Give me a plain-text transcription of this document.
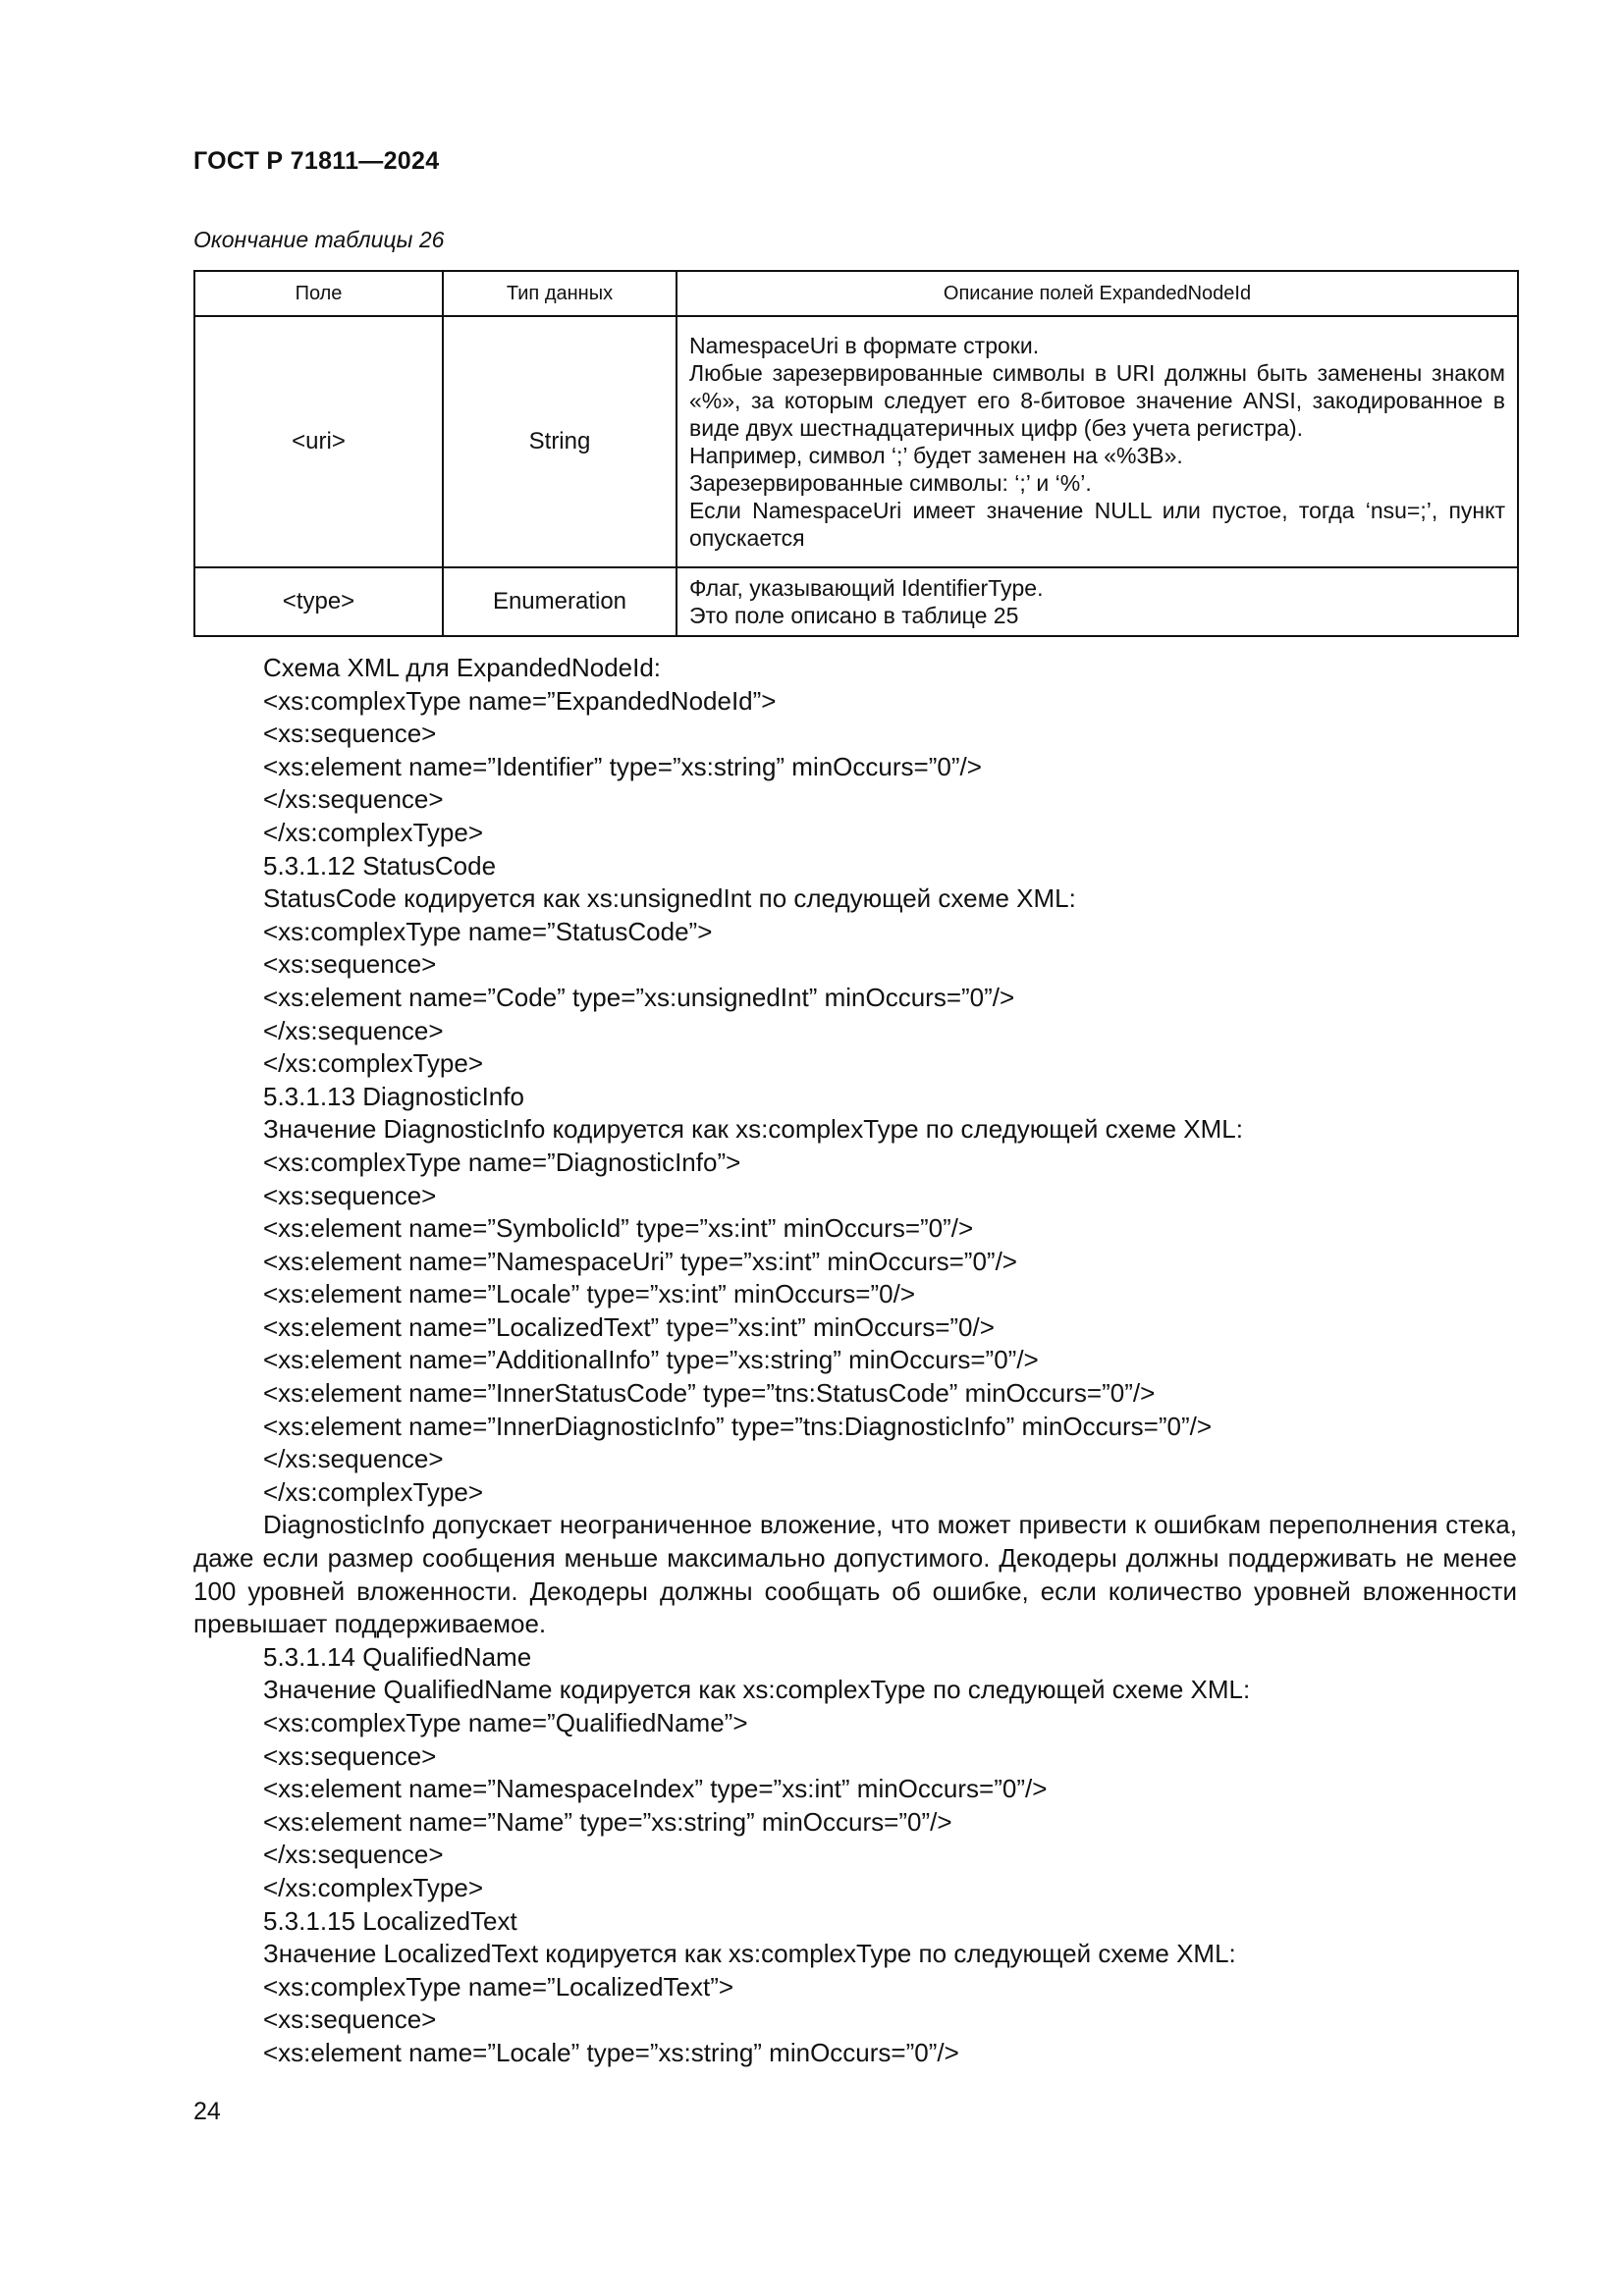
ГОСТ Р 71811—2024
Окончание таблицы 26
Поле	Тип данных	Описание полей ExpandedNodeId
<uri>	String	NamespaceUri в формате строки.
Любые зарезервированные символы в URI должны быть заменены знаком «%», за которым следует его 8-битовое значение ANSI, закодированное в виде двух шестнадцатеричных цифр (без учета регистра).
Например, символ ‘;’ будет заменен на «%3B».
Зарезервированные символы: ‘;’ и ‘%’.
Если NamespaceUri имеет значение NULL или пустое, тогда ‘nsu=;’, пункт опускается

<type>	Enumeration	Флаг, указывающий IdentifierType.
Это поле описано в таблице 25
Схема XML для ExpandedNodeId:
<xs:complexType name=”ExpandedNodeId”>
<xs:sequence>
<xs:element name=”Identifier” type=”xs:string” minOccurs=”0”/>
</xs:sequence>
</xs:complexType>
5.3.1.12 StatusCode
StatusCode кодируется как xs:unsignedInt по следующей схеме XML:
<xs:complexType name=”StatusCode”>
<xs:sequence>
<xs:element name=”Code” type=”xs:unsignedInt” minOccurs=”0”/>
</xs:sequence>
</xs:complexType>
5.3.1.13 DiagnosticInfo
Значение DiagnosticInfo кодируется как xs:complexType по следующей схеме XML:
<xs:complexType name=”DiagnosticInfo”>
<xs:sequence>
<xs:element name=”SymbolicId” type=”xs:int” minOccurs=”0”/>
<xs:element name=”NamespaceUri” type=”xs:int” minOccurs=”0”/>
<xs:element name=”Locale” type=”xs:int” minOccurs=”0/>
<xs:element name=”LocalizedText” type=”xs:int” minOccurs=”0/>
<xs:element name=”AdditionalInfo” type=”xs:string” minOccurs=”0”/>
<xs:element name=”InnerStatusCode” type=”tns:StatusCode” minOccurs=”0”/>
<xs:element name=”InnerDiagnosticInfo” type=”tns:DiagnosticInfo” minOccurs=”0”/>
</xs:sequence>
</xs:complexType>
DiagnosticInfo допускает неограниченное вложение, что может привести к ошибкам переполнения стека, даже если размер сообщения меньше максимально допустимого. Декодеры должны поддерживать не менее 100 уровней вложенности. Декодеры должны сообщать об ошибке, если количество уровней вложенности превышает поддерживаемое.
5.3.1.14 QualifiedName
Значение QualifiedName кодируется как xs:complexType по следующей схеме XML:
<xs:complexType name=”QualifiedName”>
<xs:sequence>
<xs:element name=”NamespaceIndex” type=”xs:int” minOccurs=”0”/>
<xs:element name=”Name” type=”xs:string” minOccurs=”0”/>
</xs:sequence>
</xs:complexType>
5.3.1.15 LocalizedText
Значение LocalizedText кодируется как xs:complexType по следующей схеме XML:
<xs:complexType name=”LocalizedText”>
<xs:sequence>
<xs:element name=”Locale” type=”xs:string” minOccurs=”0”/>
24
